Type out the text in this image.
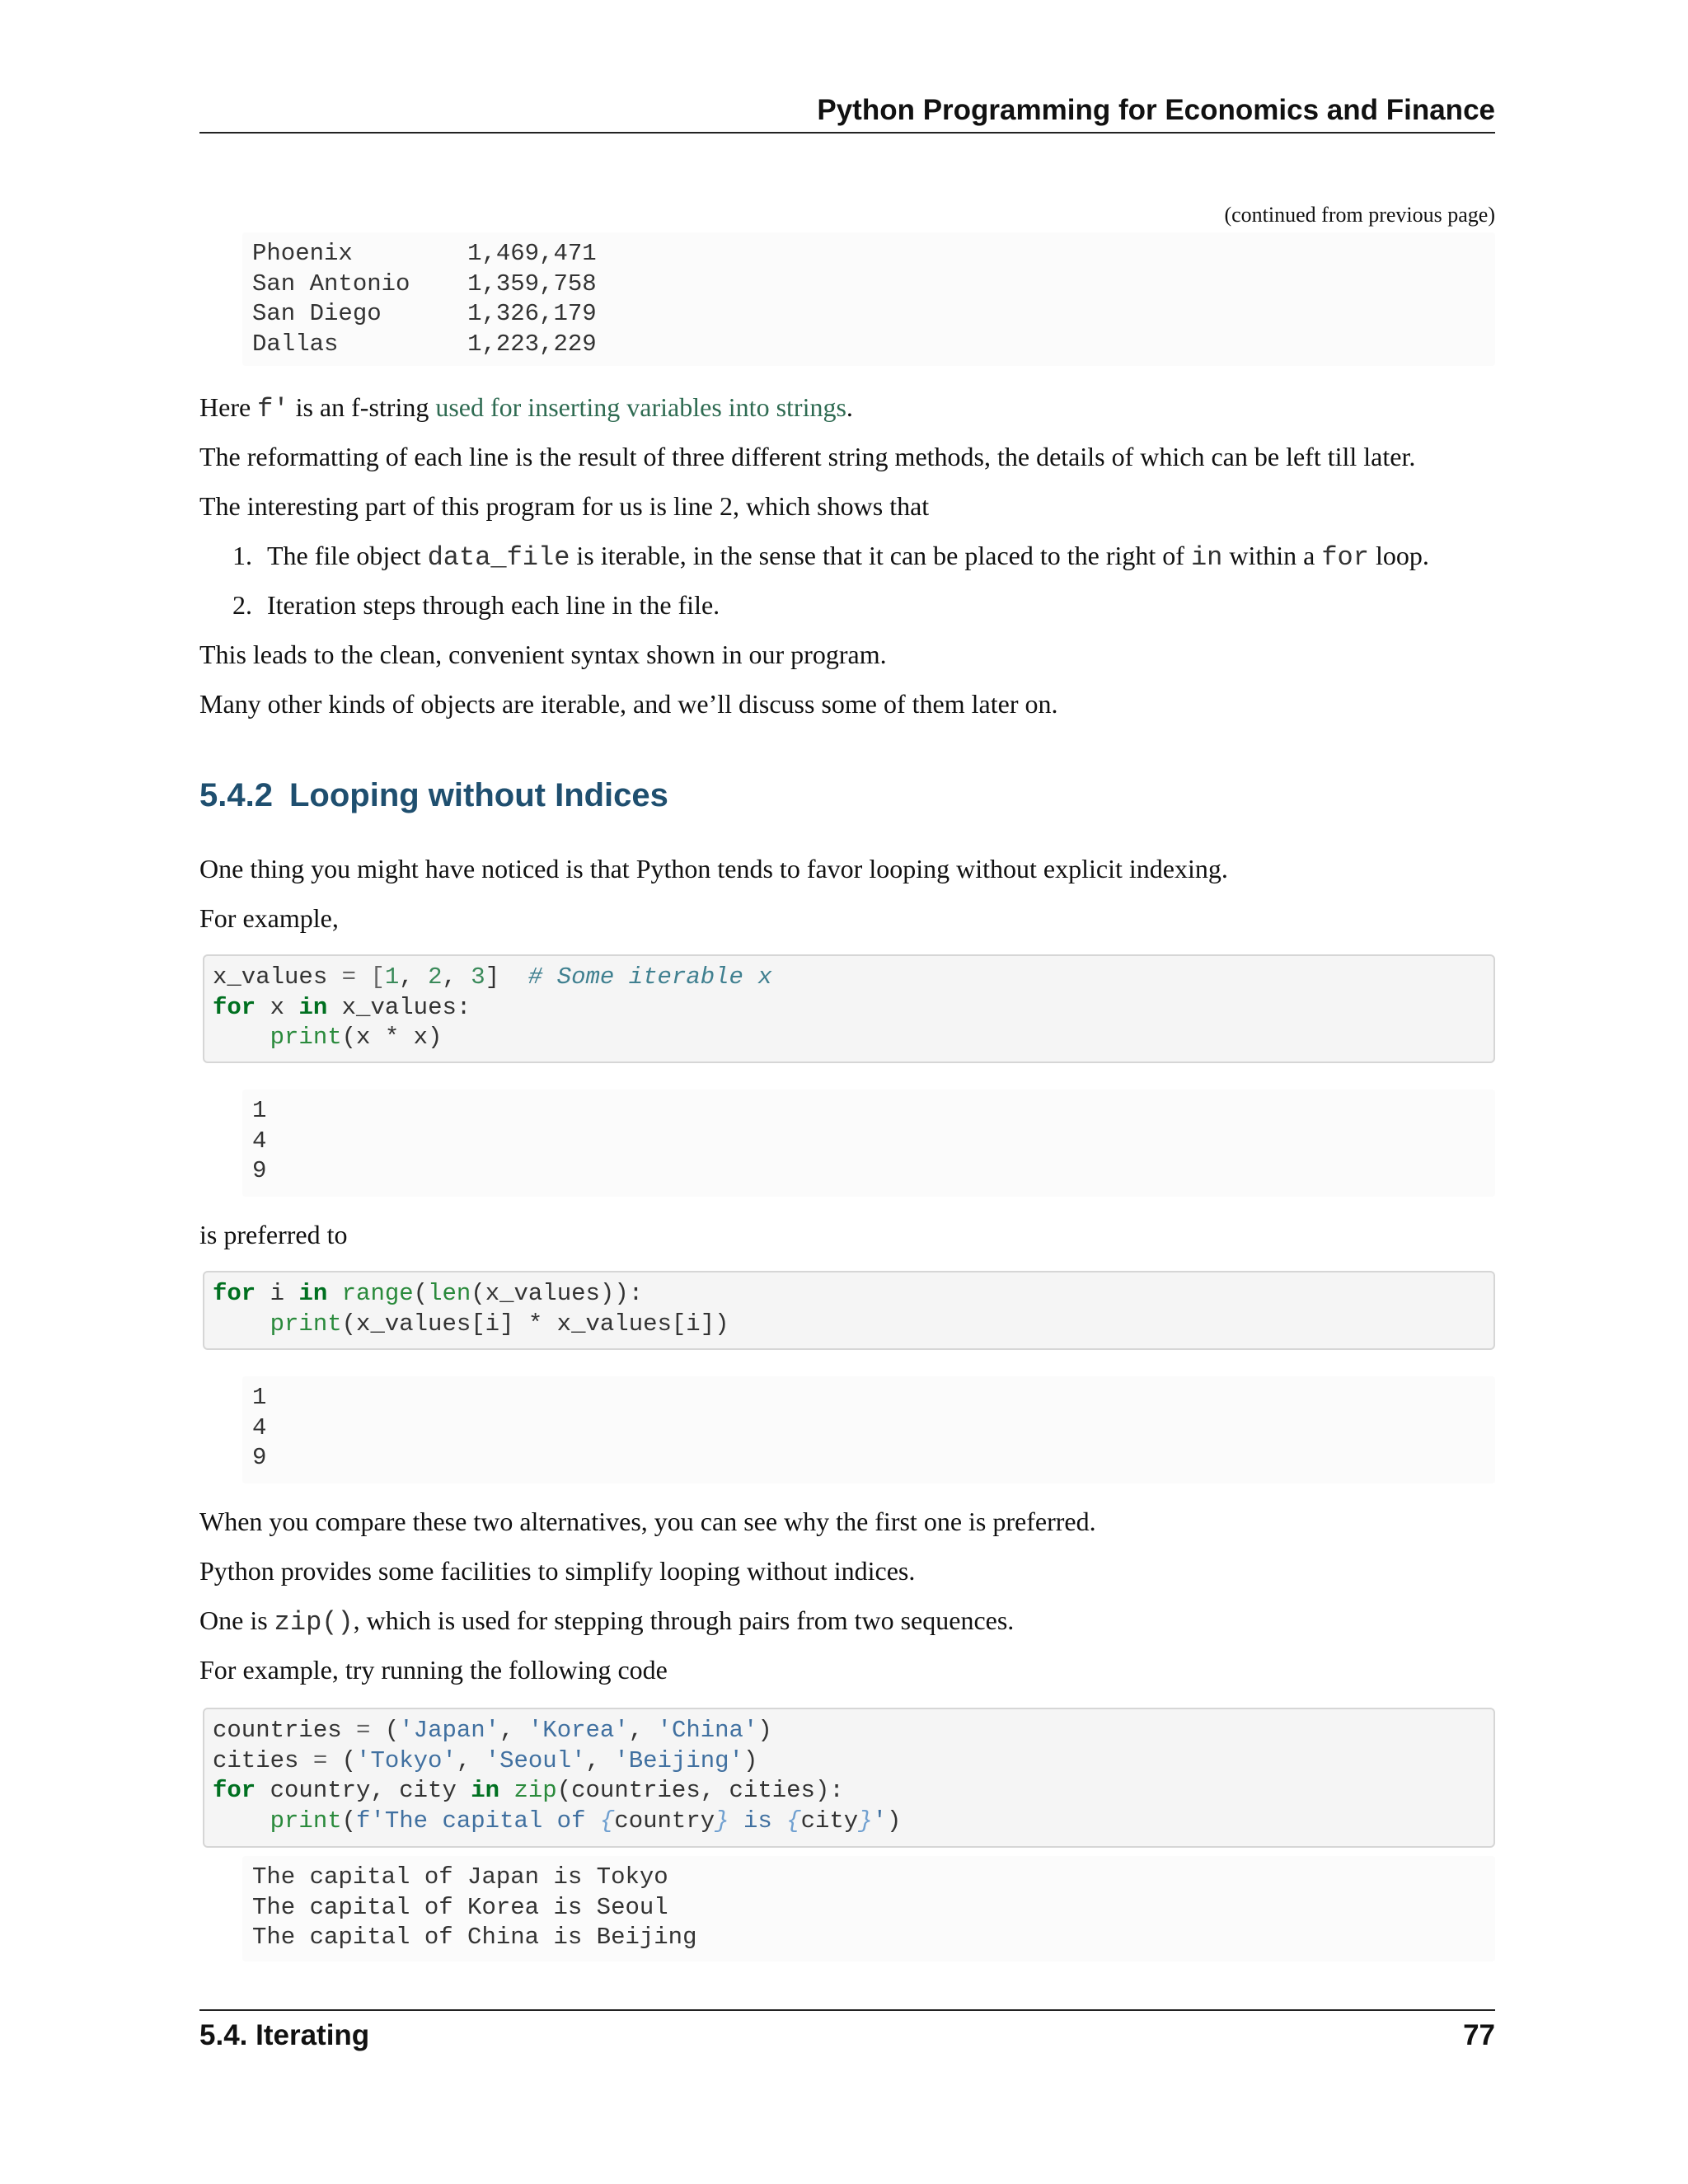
Python Programming for Economics and Finance
(continued from previous page)
Phoenix	1,469,471
San Antonio 1,359,758
San Diego	1,326,179
Dallas	1,223,229
Here f' is an f-string used for inserting variables into strings.
The reformatting of each line is the result of three different string methods, the details of which can be left till later.
The interesting part of this program for us is line 2, which shows that
1. The file object data_file is iterable, in the sense that it can be placed to the right of in within a for loop.
2. Iteration steps through each line in the file.
This leads to the clean, convenient syntax shown in our program.
Many other kinds of objects are iterable, and we’ll discuss some of them later on.
5.4.2 Looping without Indices
One thing you might have noticed is that Python tends to favor looping without explicit indexing.
For example,
x_values = [1, 2, 3]  # Some iterable x
for x in x_values:
print(x * x)
1
4
9
is preferred to
for i in range(len(x_values)):
print(x_values[i] * x_values[i])
1
4
9
When you compare these two alternatives, you can see why the first one is preferred.
Python provides some facilities to simplify looping without indices.
One is zip(), which is used for stepping through pairs from two sequences.
For example, try running the following code
countries = ('Japan', 'Korea', 'China')
cities = ('Tokyo', 'Seoul', 'Beijing')
for country, city in zip(countries, cities):
print(f'The capital of {country} is {city}')
The capital of Japan is Tokyo
The capital of Korea is Seoul
The capital of China is Beijing
5.4. Iterating	77
